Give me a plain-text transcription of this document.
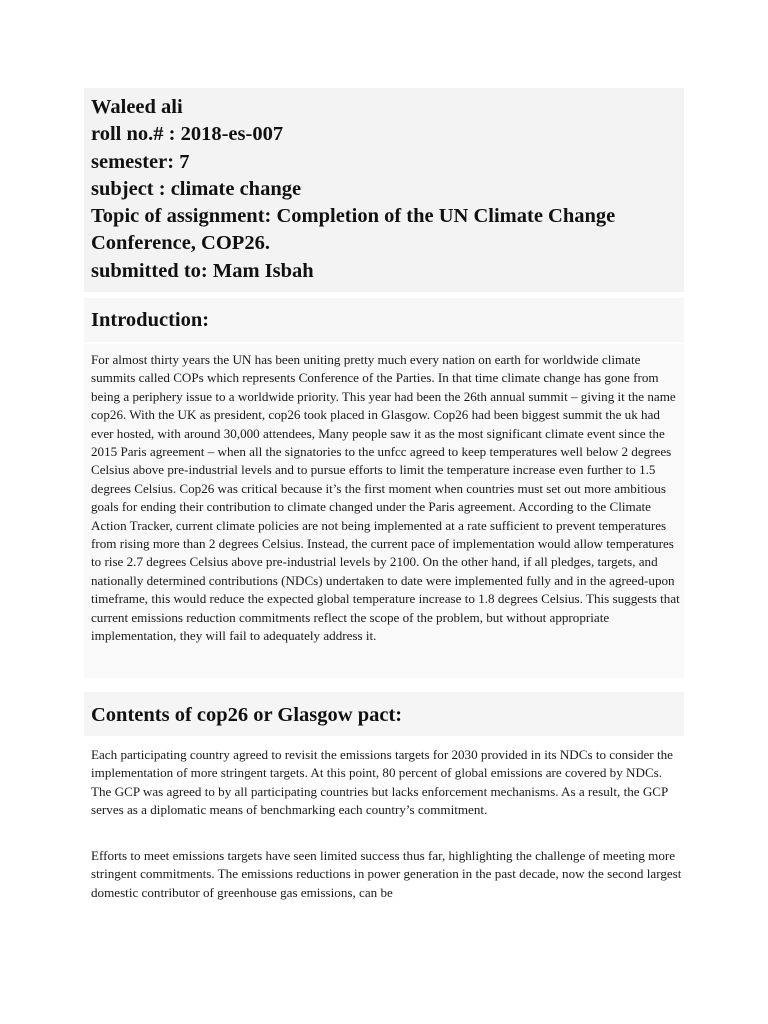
Waleed ali
roll no.# : 2018-es-007
semester: 7
subject : climate change
Topic of assignment: Completion of the UN Climate Change Conference, COP26.
submitted to: Mam Isbah
Introduction:

For almost thirty years the UN has been uniting pretty much every nation on earth for worldwide climate summits called COPs which represents Conference of the Parties. In that time climate change has gone from being a periphery issue to a worldwide priority. This year had been the 26th annual summit – giving it the name cop26. With the UK as president, cop26 took placed in Glasgow. Cop26 had been biggest summit the uk had ever hosted, with around 30,000 attendees, Many people saw it as the most significant climate event since the 2015 Paris agreement – when all the signatories to the unfcc agreed to keep temperatures well below 2 degrees Celsius above pre-industrial levels and to pursue efforts to limit the temperature increase even further to 1.5 degrees Celsius. Cop26 was critical because it’s the first moment when countries must set out more ambitious goals for ending their contribution to climate changed under the Paris agreement. According to the Climate Action Tracker, current climate policies are not being implemented at a rate sufficient to prevent temperatures from rising more than 2 degrees Celsius. Instead, the current pace of implementation would allow temperatures to rise 2.7 degrees Celsius above pre-industrial levels by 2100. On the other hand, if all pledges, targets, and nationally determined contributions (NDCs) undertaken to date were implemented fully and in the agreed-upon timeframe, this would reduce the expected global temperature increase to 1.8 degrees Celsius. This suggests that current emissions reduction commitments reflect the scope of the problem, but without appropriate implementation, they will fail to adequately address it.

Contents of cop26 or Glasgow pact:

Each participating country agreed to revisit the emissions targets for 2030 provided in its NDCs to consider the implementation of more stringent targets. At this point, 80 percent of global emissions are covered by NDCs. The GCP was agreed to by all participating countries but lacks enforcement mechanisms. As a result, the GCP serves as a diplomatic means of benchmarking each country’s commitment.

Efforts to meet emissions targets have seen limited success thus far, highlighting the challenge of meeting more stringent commitments. The emissions reductions in power generation in the past decade, now the second largest domestic contributor of greenhouse gas emissions, can be
